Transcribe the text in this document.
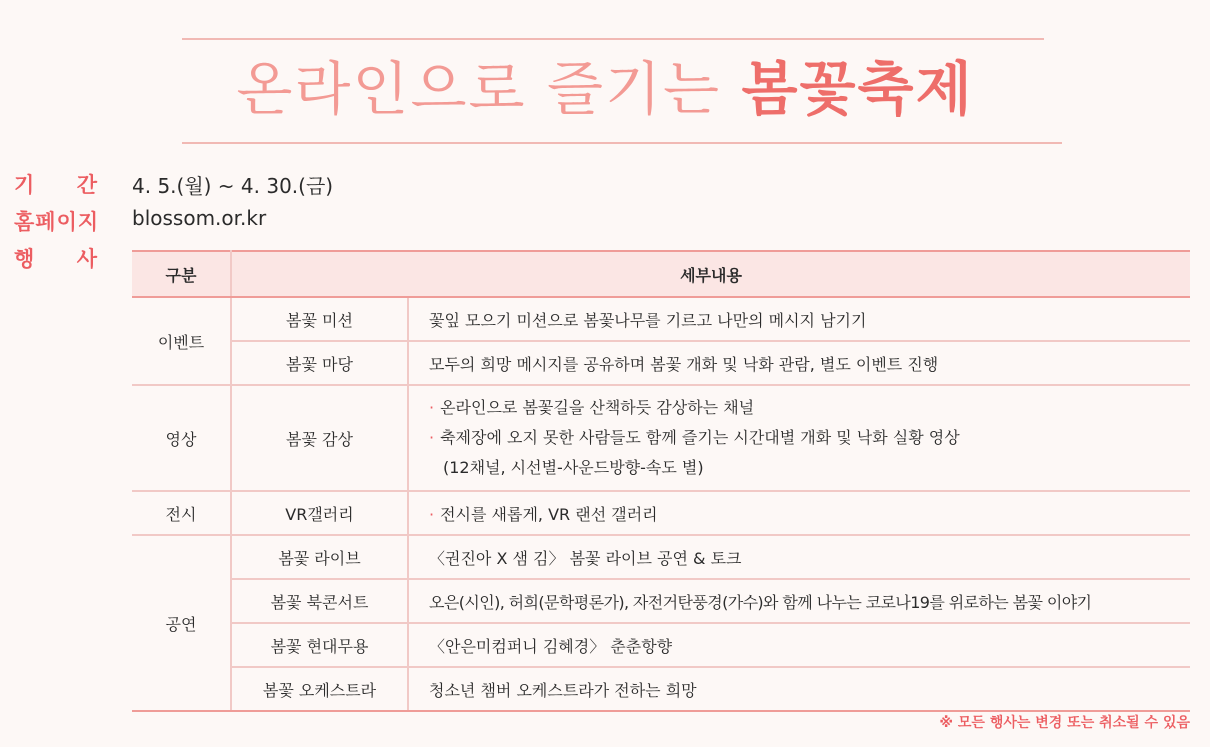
온라인으로 즐기는 봄꽃축제
기 간 4. 5.(월) ~ 4. 30.(금)
홈페이지 blossom.or.kr
행 사
구분	세부내용	
이벤트	봄꽃 미션	꽃잎 모으기 미션으로 봄꽃나무를 기르고 나만의 메시지 남기기
	봄꽃 마당	모두의 희망 메시지를 공유하며 봄꽃 개화 및 낙화 관람, 별도 이벤트 진행
영상	봄꽃 감상	· 온라인으로 봄꽃길을 산책하듯 감상하는 채널
· 축제장에 오지 못한 사람들도 함께 즐기는 시간대별 개화 및 낙화 실황 영상
(12채널, 시선별-사운드방향-속도 별)

전시	VR갤러리	· 전시를 새롭게, VR 랜선 갤러리
공연	봄꽃 라이브	〈권진아 X 샘 김〉 봄꽃 라이브 공연 & 토크
	봄꽃 북콘서트	오은(시인), 허희(문학평론가), 자전거탄풍경(가수)와 함께 나누는 코로나19를 위로하는 봄꽃 이야기
	봄꽃 현대무용	〈안은미컴퍼니 김혜경〉 춘춘항향
	봄꽃 오케스트라	청소년 챔버 오케스트라가 전하는 희망
※ 모든 행사는 변경 또는 취소될 수 있음
